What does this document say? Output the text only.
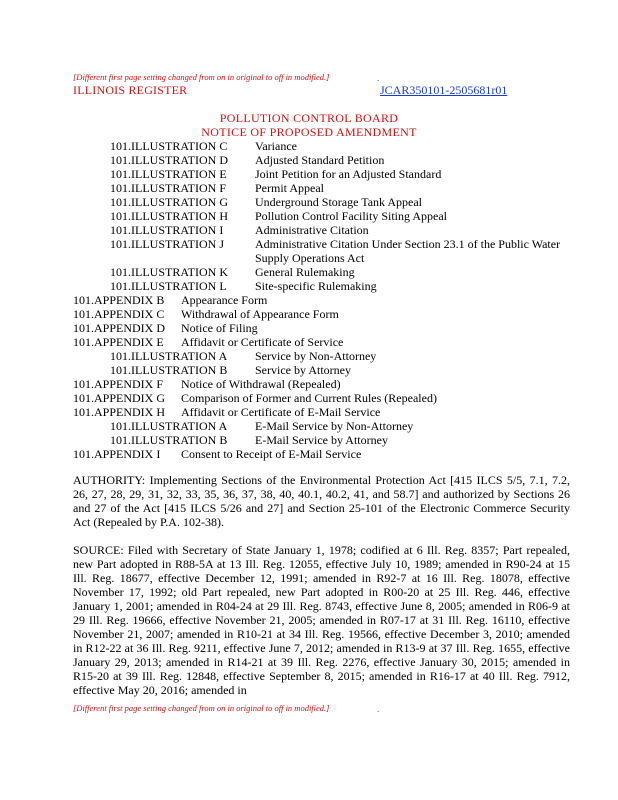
[Different first page setting changed from on in original to off in modified.]	.
ILLINOIS REGISTER	JCAR350101-2505681r01
POLLUTION CONTROL BOARD
NOTICE OF PROPOSED AMENDMENT
101.ILLUSTRATION C Variance
101.ILLUSTRATION D Adjusted Standard Petition
101.ILLUSTRATION E Joint Petition for an Adjusted Standard
101.ILLUSTRATION F Permit Appeal
101.ILLUSTRATION G Underground Storage Tank Appeal
101.ILLUSTRATION H Pollution Control Facility Siting Appeal
101.ILLUSTRATION I	Administrative Citation
101.ILLUSTRATION J	Administrative Citation Under Section 23.1 of the Public Water Supply Operations Act
101.ILLUSTRATION K General Rulemaking
101.ILLUSTRATION L Site-specific Rulemaking
101.APPENDIX B Appearance Form
101.APPENDIX C Withdrawal of Appearance Form
101.APPENDIX D Notice of Filing
101.APPENDIX E Affidavit or Certificate of Service
101.ILLUSTRATION A Service by Non-Attorney
101.ILLUSTRATION B Service by Attorney
101.APPENDIX F Notice of Withdrawal (Repealed)
101.APPENDIX G Comparison of Former and Current Rules (Repealed)
101.APPENDIX H Affidavit or Certificate of E-Mail Service
101.ILLUSTRATION A E-Mail Service by Non-Attorney
101.ILLUSTRATION B E-Mail Service by Attorney
101.APPENDIX I Consent to Receipt of E-Mail Service
AUTHORITY: Implementing Sections of the Environmental Protection Act [415 ILCS 5/5, 7.1, 7.2, 26, 27, 28, 29, 31, 32, 33, 35, 36, 37, 38, 40, 40.1, 40.2, 41, and 58.7] and authorized by Sections 26 and 27 of the Act [415 ILCS 5/26 and 27] and Section 25-101 of the Electronic Commerce Security Act (Repealed by P.A. 102-38).
SOURCE: Filed with Secretary of State January 1, 1978; codified at 6 Ill. Reg. 8357; Part repealed, new Part adopted in R88-5A at 13 Ill. Reg. 12055, effective July 10, 1989; amended in R90-24 at 15 Ill. Reg. 18677, effective December 12, 1991; amended in R92-7 at 16 Ill. Reg. 18078, effective November 17, 1992; old Part repealed, new Part adopted in R00-20 at 25 Ill. Reg. 446, effective January 1, 2001; amended in R04-24 at 29 Ill. Reg. 8743, effective June 8, 2005; amended in R06-9 at 29 Ill. Reg. 19666, effective November 21, 2005; amended in R07-17 at 31 Ill. Reg. 16110, effective November 21, 2007; amended in R10-21 at 34 Ill. Reg. 19566, effective December 3, 2010; amended in R12-22 at 36 Ill. Reg. 9211, effective June 7, 2012; amended in R13-9 at 37 Ill. Reg. 1655, effective January 29, 2013; amended in R14-21 at 39 Ill. Reg. 2276, effective January 30, 2015; amended in R15-20 at 39 Ill. Reg. 12848, effective September 8, 2015; amended in R16-17 at 40 Ill. Reg. 7912, effective May 20, 2016; amended in
[Different first page setting changed from on in original to off in modified.]	.
